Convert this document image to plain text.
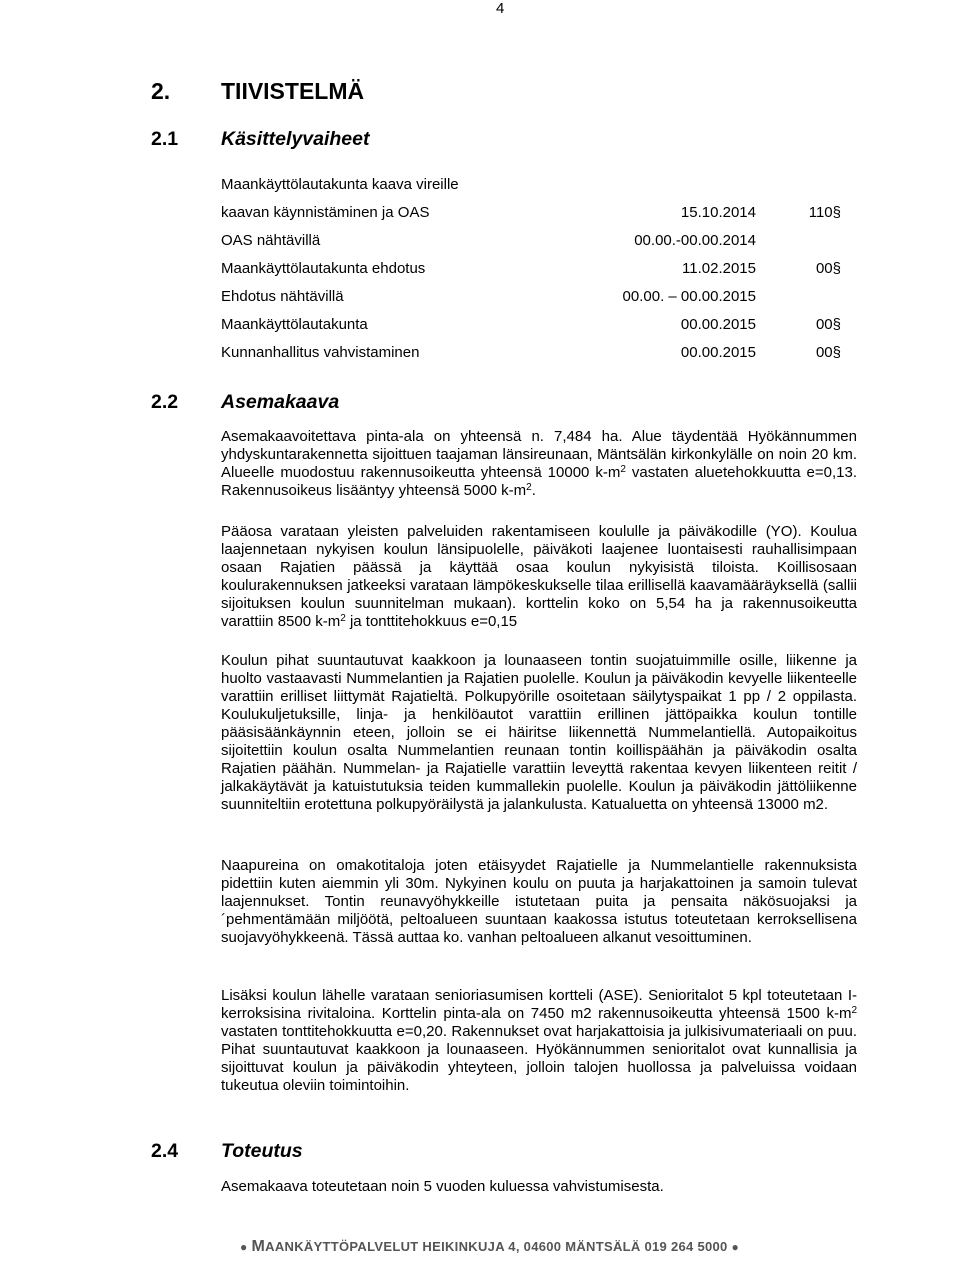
4
2. TIIVISTELMÄ
2.1 Käsittelyvaiheet
Maankäyttölautakunta kaava vireille
kaavan käynnistäminen ja OAS	15.10.2014	110§
OAS nähtävillä	00.00.-00.00.2014
Maankäyttölautakunta ehdotus	11.02.2015	00§
Ehdotus nähtävillä	00.00. – 00.00.2015
Maankäyttölautakunta	00.00.2015	00§
Kunnanhallitus vahvistaminen	00.00.2015	00§
2.2 Asemakaava

Asemakaavoitettava pinta-ala on yhteensä n. 7,484 ha. Alue täydentää Hyökännummen yhdyskuntarakennetta sijoittuen taajaman länsireunaan, Mäntsälän kirkonkylälle on noin 20 km. Alueelle muodostuu rakennusoikeutta yhteensä 10000 $k-m^2$ vastaten aluetehokkuutta e=0,13. Rakennusoikeus lisääntyy yhteensä 5000 $k-m^2$.

Pääosa varataan yleisten palveluiden rakentamiseen koululle ja päiväkodille (YO). Koulua laajennetaan nykyisen koulun länsipuolelle, päiväkoti laajenee luontaisesti rauhallisimpaan osaan Rajatien päässä ja käyttää osaa koulun nykyisistä tiloista. Koillisosaan koulurakennuksen jatkeeksi varataan lämpökeskukselle tilaa erillisellä kaavamääräyksellä (sallii sijoituksen koulun suunnitelman mukaan). korttelin koko on 5,54 ha ja rakennusoikeutta varattiin 8500 $k-m^2$ ja tonttitehokkuus e=0,15

Koulun pihat suuntautuvat kaakkoon ja lounaaseen tontin suojatuimmille osille, liikenne ja huolto vastaavasti Nummelantien ja Rajatien puolelle. Koulun ja päiväkodin kevyelle liikenteelle varattiin erilliset liittymät Rajatieltä. Polkupyörille osoitetaan säilytyspaikat 1 pp / 2 oppilasta. Koulukuljetuksille, linja- ja henkilöautot varattiin erillinen jättöpaikka koulun tontille pääsisäänkäynnin eteen, jolloin se ei häiritse liikennettä Nummelantiellä. Autopaikoitus sijoitettiin koulun osalta Nummelantien reunaan tontin koillispäähän ja päiväkodin osalta Rajatien päähän. Nummelan- ja Rajatielle varattiin leveyttä rakentaa kevyen liikenteen reitit / jalkakäytävät ja katuistutuksia teiden kummallekin puolelle. Koulun ja päiväkodin jättöliikenne suunniteltiin erotettuna polkupyöräilystä ja jalankulusta. Katualuetta on yhteensä 13000 m2.

Naapureina on omakotitaloja joten etäisyydet Rajatielle ja Nummelantielle rakennuksista pidettiin kuten aiemmin yli 30m. Nykyinen koulu on puuta ja harjakattoinen ja samoin tulevat laajennukset. Tontin reunavyöhykkeille istutetaan puita ja pensaita näkösuojaksi ja ´pehmentämään miljöötä, peltoalueen suuntaan kaakossa istutus toteutetaan kerroksellisena suojavyöhykkeenä. Tässä auttaa ko. vanhan peltoalueen alkanut vesoittuminen.

Lisäksi koulun lähelle varataan senioriasumisen kortteli (ASE). Senioritalot 5 kpl toteutetaan I-kerroksisina rivitaloina. Korttelin pinta-ala on 7450 m2 rakennusoikeutta yhteensä 1500 $k-m^2$ vastaten tonttitehokkuutta e=0,20. Rakennukset ovat harjakattoisia ja julkisivumateriaali on puu. Pihat suuntautuvat kaakkoon ja lounaaseen. Hyökännummen senioritalot ovat kunnallisia ja sijoittuvat koulun ja päiväkodin yhteyteen, jolloin talojen huollossa ja palveluissa voidaan tukeutua oleviin toimintoihin.

2.4 Toteutus

Asemakaava toteutetaan noin 5 vuoden kuluessa vahvistumisesta.

● MAANKÄYTTÖPALVELUT HEIKINKUJA 4, 04600 MÄNTSÄLÄ 019 264 5000 ●
